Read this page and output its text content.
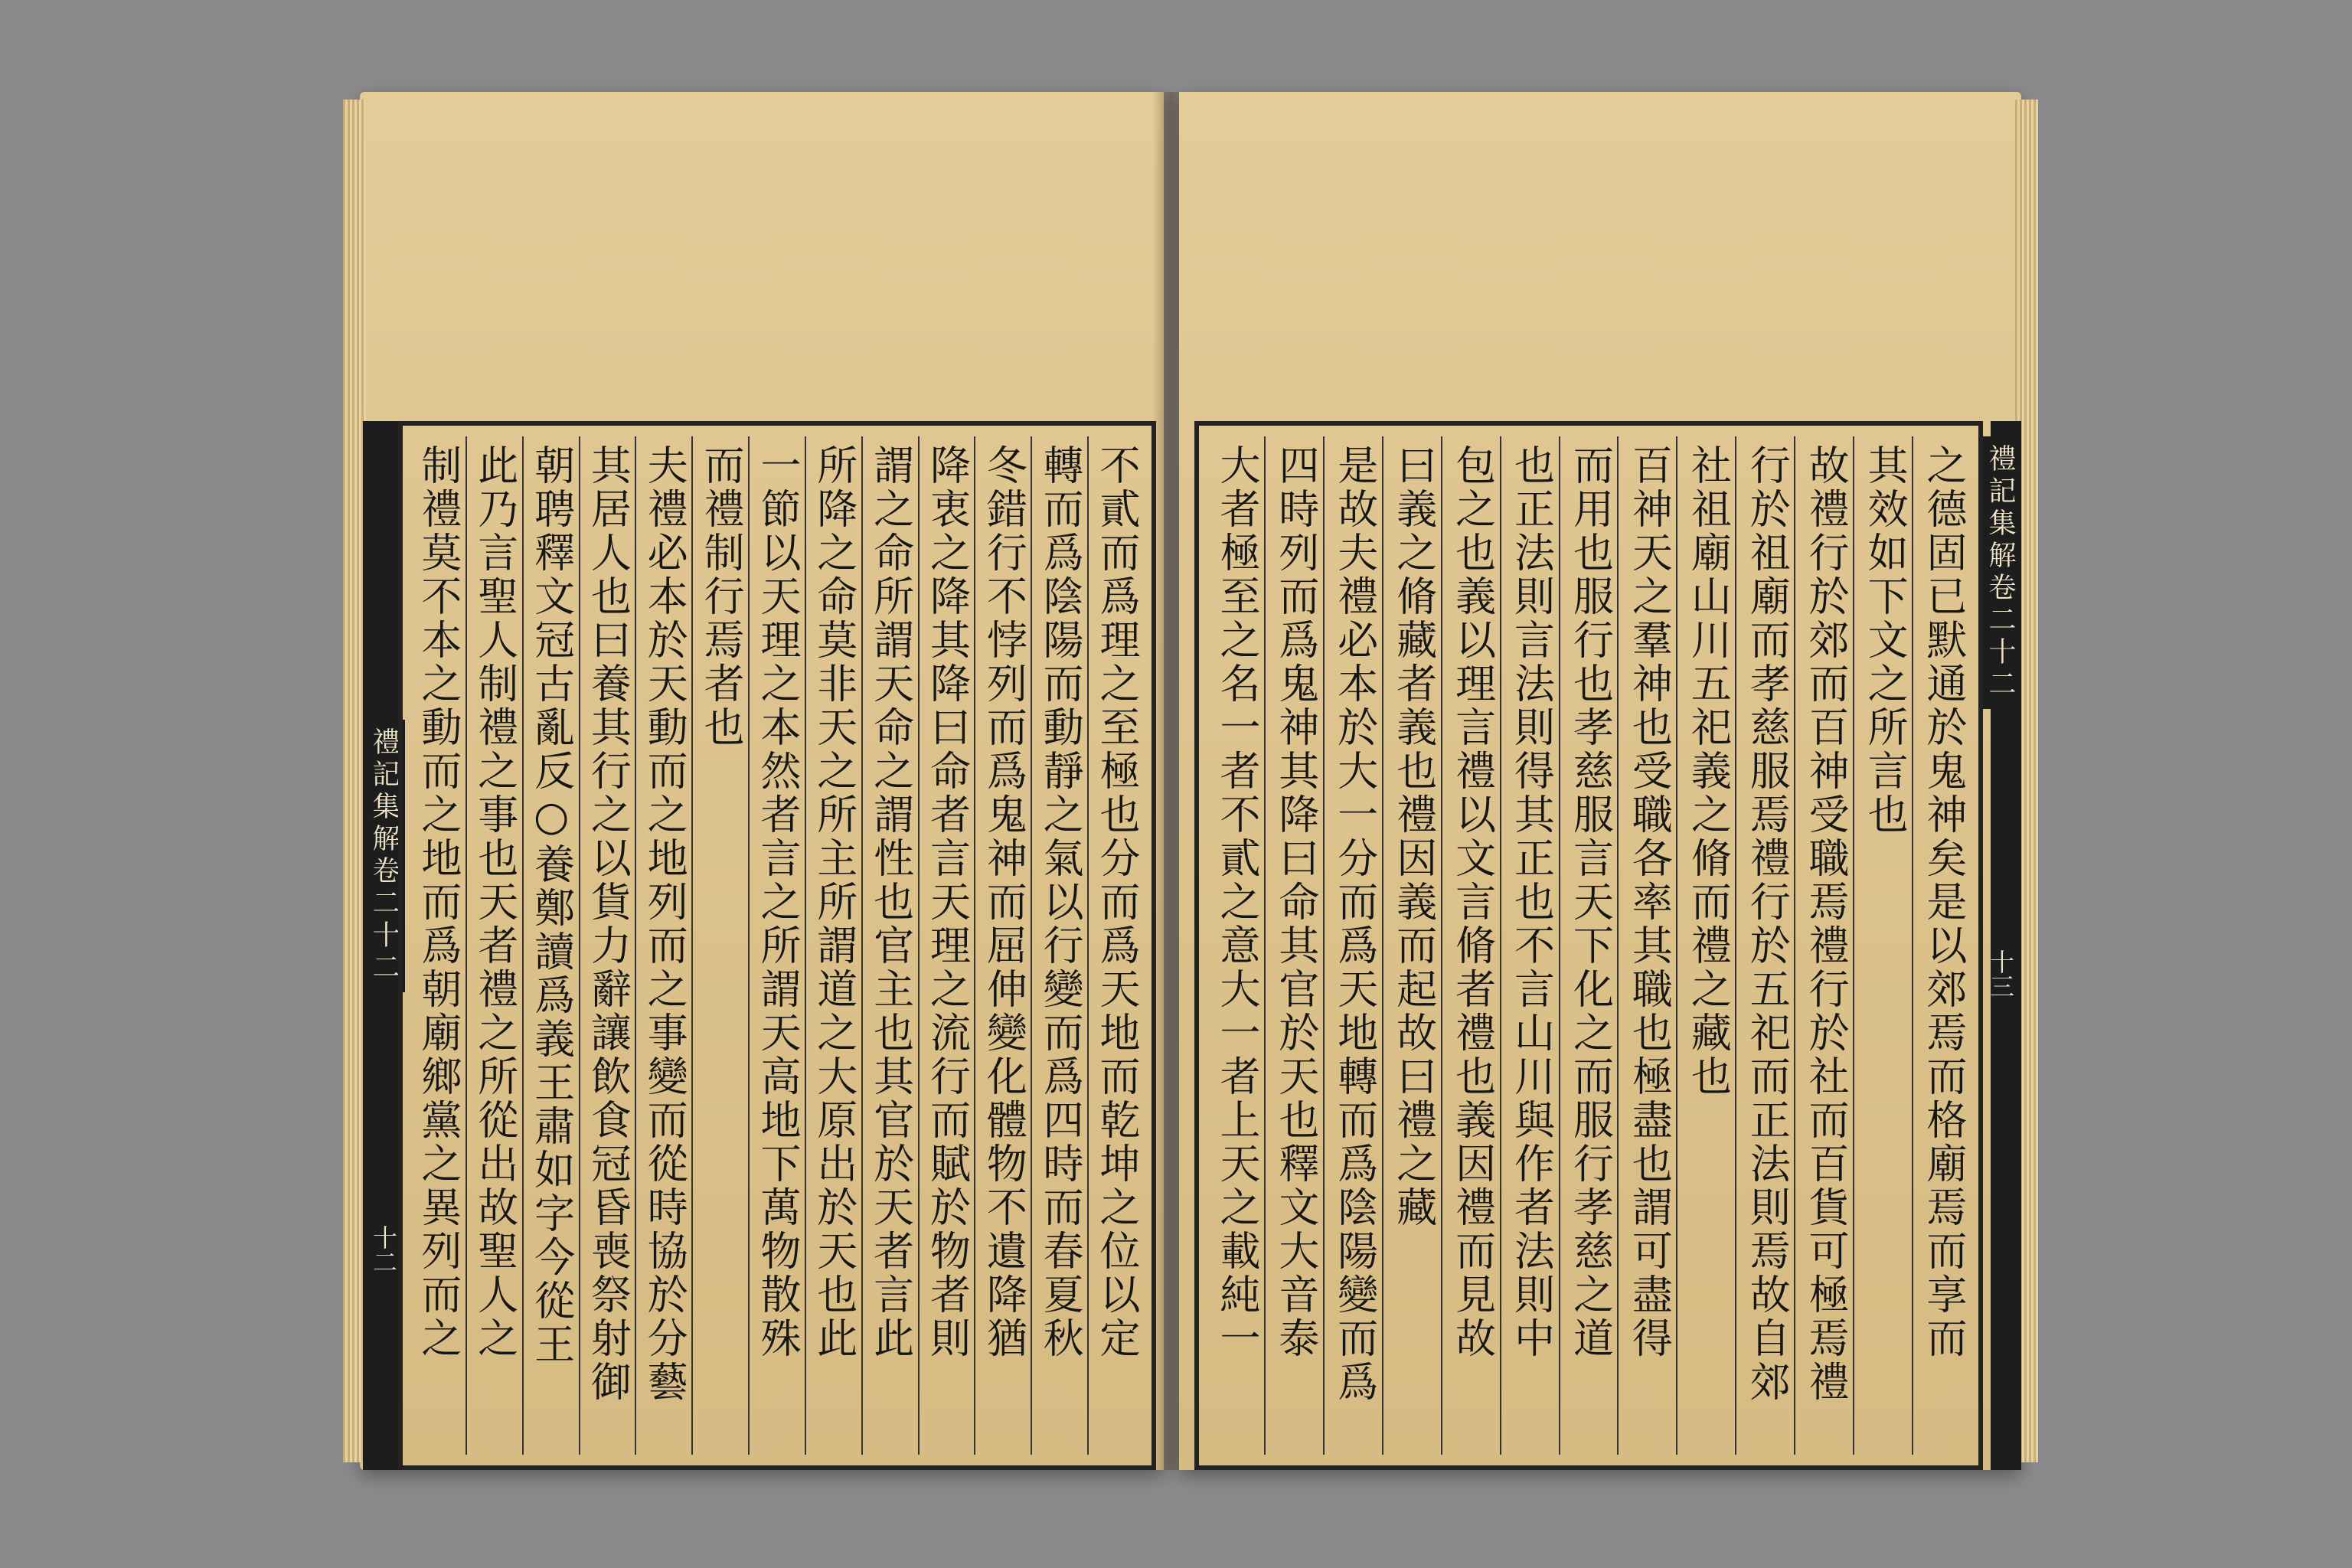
禮記集解卷二十二
十二	不貳而爲理之至極也分而爲天地而乾坤之位以定
轉而爲陰陽而動靜之氣以行變而爲四時而春夏秋
冬錯行不悖列而爲鬼神而屈伸變化體物不遺降猶
降衷之降其降曰命者言天理之流行而賦於物者則
謂之命所謂天命之謂性也官主也其官於天者言此
所降之命莫非天之所主所謂道之大原出於天也此
一節以天理之本然者言之所謂天高地下萬物散殊
而禮制行焉者也
夫禮必本於天動而之地列而之事變而從時協於分藝
其居人也曰養其行之以貨力辭讓飲食冠昏喪祭射御
朝聘釋文冠古亂反○養鄭讀爲義王肅如字今從王
此乃言聖人制禮之事也天者禮之所從出故聖人之
制禮莫不本之動而之地而爲朝廟鄉黨之異列而之	禮記集解卷二十二
十三
之德固已默通於鬼神矣是以郊焉而格廟焉而享而
其效如下文之所言也
故禮行於郊而百神受職焉禮行於社而百貨可極焉禮
行於祖廟而孝慈服焉禮行於五祀而正法則焉故自郊
社祖廟山川五祀義之脩而禮之藏也
百神天之羣神也受職各率其職也極盡也謂可盡得
而用也服行也孝慈服言天下化之而服行孝慈之道
也正法則言法則得其正也不言山川與作者法則中
包之也義以理言禮以文言脩者禮也義因禮而見故
曰義之脩藏者義也禮因義而起故曰禮之藏
是故夫禮必本於大一分而爲天地轉而爲陰陽變而爲
四時列而爲鬼神其降曰命其官於天也釋文大音泰
大者極至之名一者不貳之意大一者上天之載純一
